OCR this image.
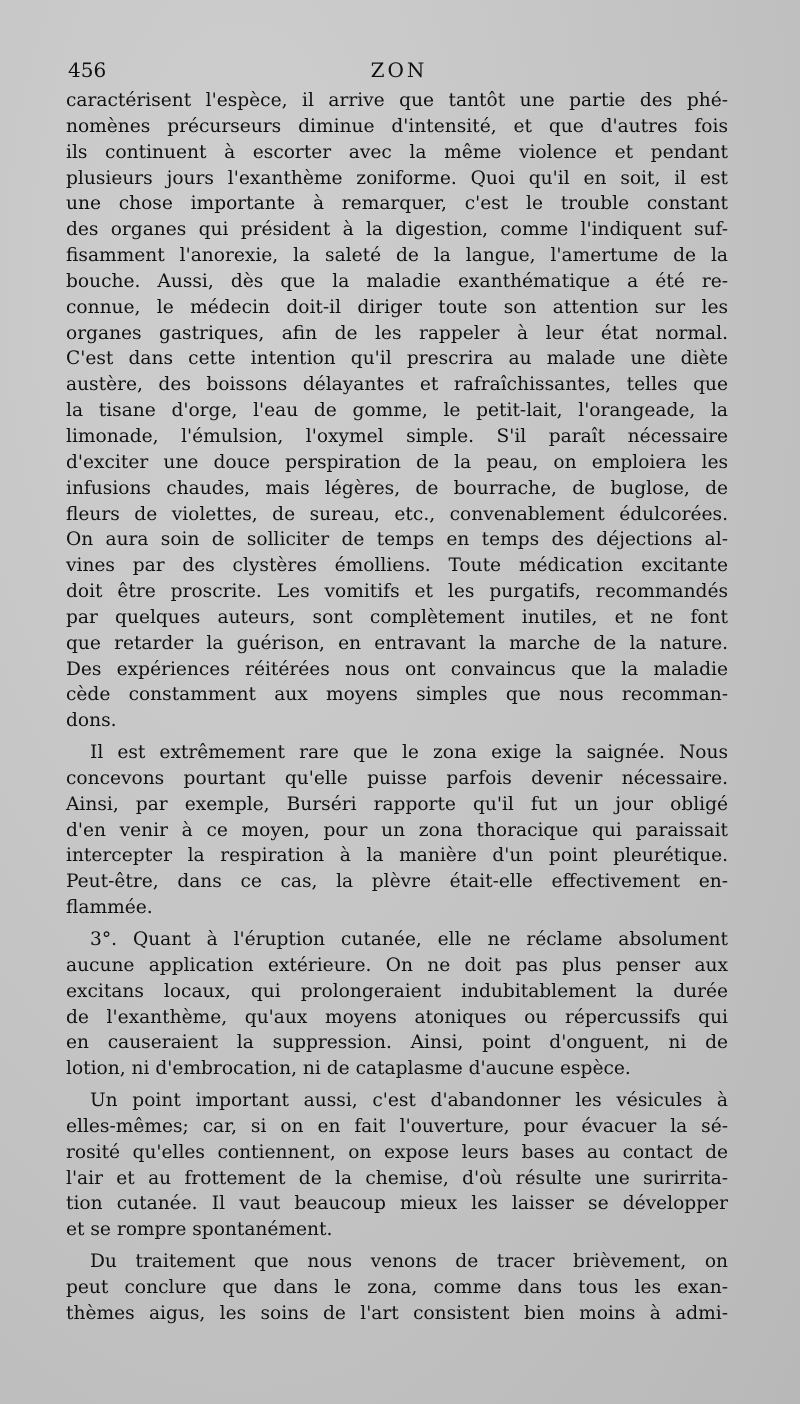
456	ZON
caractérisent l'espèce, il arrive que tantôt une partie des phé-
nomènes précurseurs diminue d'intensité, et que d'autres fois
ils continuent à escorter avec la même violence et pendant
plusieurs jours l'exanthème zoniforme. Quoi qu'il en soit, il est
une chose importante à remarquer, c'est le trouble constant
des organes qui président à la digestion, comme l'indiquent suf-
fisamment l'anorexie, la saleté de la langue, l'amertume de la
bouche. Aussi, dès que la maladie exanthématique a été re-
connue, le médecin doit-il diriger toute son attention sur les
organes gastriques, afin de les rappeler à leur état normal.
C'est dans cette intention qu'il prescrira au malade une diète
austère, des boissons délayantes et rafraîchissantes, telles que
la tisane d'orge, l'eau de gomme, le petit-lait, l'orangeade, la
limonade, l'émulsion, l'oxymel simple. S'il paraît nécessaire
d'exciter une douce perspiration de la peau, on emploiera les
infusions chaudes, mais légères, de bourrache, de buglose, de
fleurs de violettes, de sureau, etc., convenablement édulcorées.
On aura soin de solliciter de temps en temps des déjections al-
vines par des clystères émolliens. Toute médication excitante
doit être proscrite. Les vomitifs et les purgatifs, recommandés
par quelques auteurs, sont complètement inutiles, et ne font
que retarder la guérison, en entravant la marche de la nature.
Des expériences réitérées nous ont convaincus que la maladie
cède constamment aux moyens simples que nous recomman-
dons.
Il est extrêmement rare que le zona exige la saignée. Nous
concevons pourtant qu'elle puisse parfois devenir nécessaire.
Ainsi, par exemple, Burséri rapporte qu'il fut un jour obligé
d'en venir à ce moyen, pour un zona thoracique qui paraissait
intercepter la respiration à la manière d'un point pleurétique.
Peut-être, dans ce cas, la plèvre était-elle effectivement en-
flammée.
3°. Quant à l'éruption cutanée, elle ne réclame absolument
aucune application extérieure. On ne doit pas plus penser aux
excitans locaux, qui prolongeraient indubitablement la durée
de l'exanthème, qu'aux moyens atoniques ou répercussifs qui
en causeraient la suppression. Ainsi, point d'onguent, ni de
lotion, ni d'embrocation, ni de cataplasme d'aucune espèce.
Un point important aussi, c'est d'abandonner les vésicules à
elles-mêmes; car, si on en fait l'ouverture, pour évacuer la sé-
rosité qu'elles contiennent, on expose leurs bases au contact de
l'air et au frottement de la chemise, d'où résulte une surirrita-
tion cutanée. Il vaut beaucoup mieux les laisser se développer
et se rompre spontanément.
Du traitement que nous venons de tracer brièvement, on
peut conclure que dans le zona, comme dans tous les exan-
thèmes aigus, les soins de l'art consistent bien moins à admi-
